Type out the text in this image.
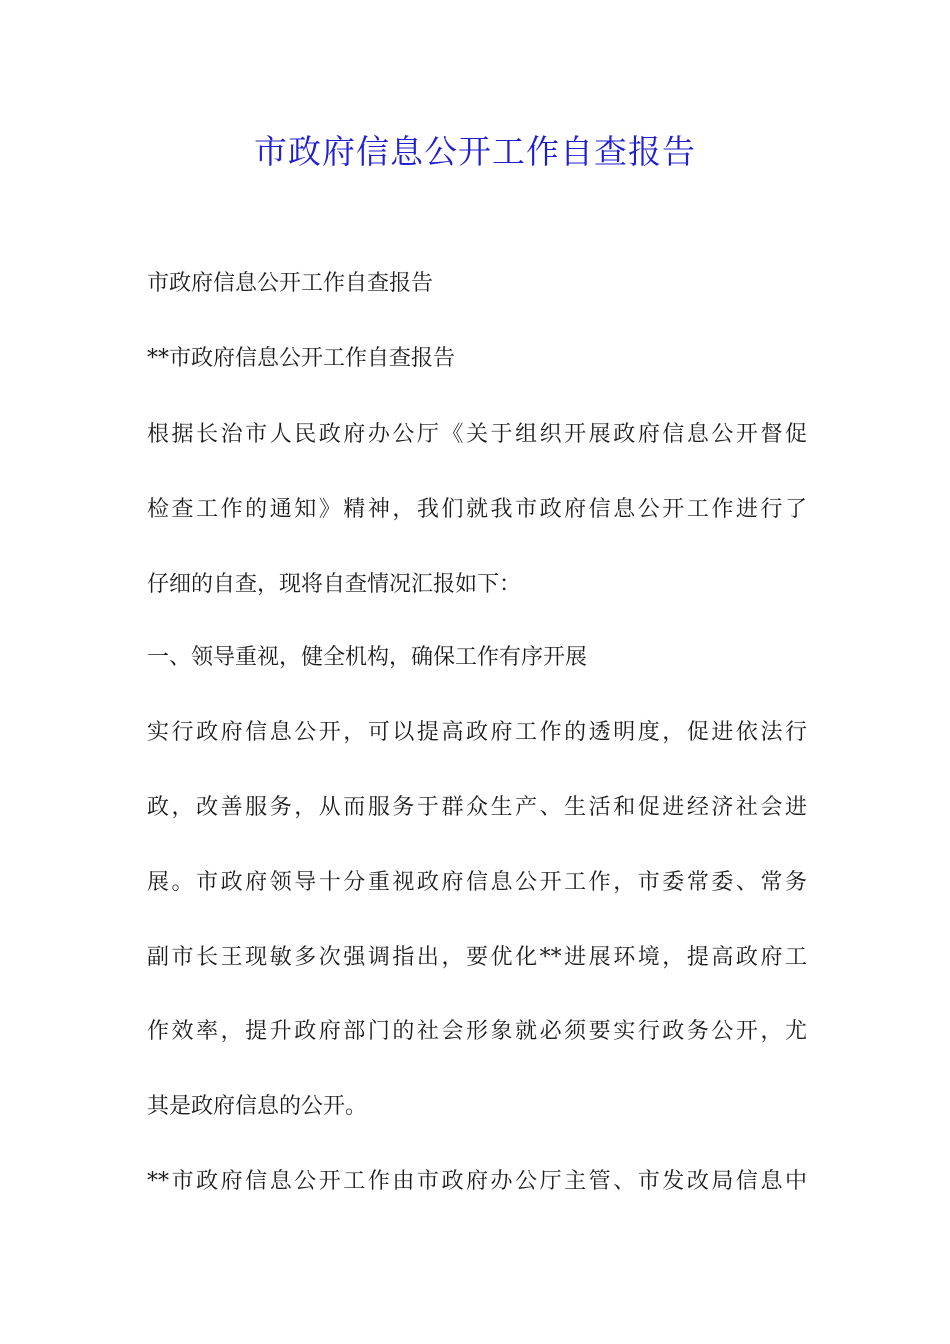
市政府信息公开工作自查报告
市政府信息公开工作自查报告
**市政府信息公开工作自查报告
根据长治市人民政府办公厅《关于组织开展政府信息公开督促
检查工作的通知》精神，我们就我市政府信息公开工作进行了
仔细的自查，现将自查情况汇报如下：
一、领导重视，健全机构，确保工作有序开展
实行政府信息公开，可以提高政府工作的透明度，促进依法行
政，改善服务，从而服务于群众生产、生活和促进经济社会进
展。市政府领导十分重视政府信息公开工作，市委常委、常务
副市长王现敏多次强调指出，要优化**进展环境，提高政府工
作效率，提升政府部门的社会形象就必须要实行政务公开，尤
其是政府信息的公开。
**市政府信息公开工作由市政府办公厅主管、市发改局信息中
